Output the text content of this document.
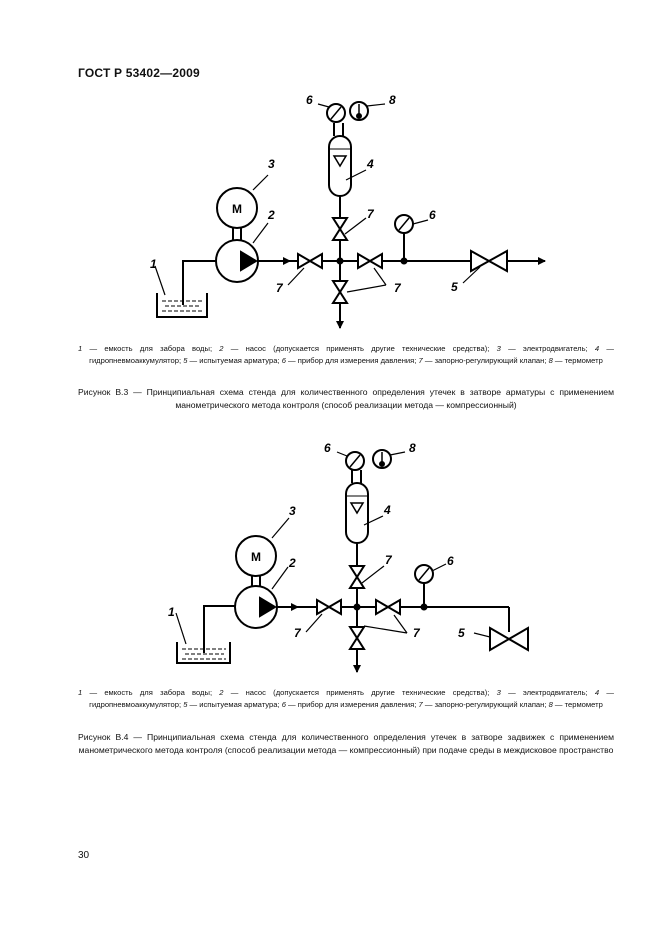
ГОСТ Р 53402—2009
М
1
2
3	4
5
6
6
7
7	7
8
1 — емкость для забора воды; 2 — насос (допускается применять другие технические средства); 3 — электродвигатель; 4 — гидропневмоаккумулятор; 5 — испытуемая арматура; 6 — прибор для измерения давления; 7 — запорно-регулирующий клапан; 8 — термометр
Рисунок В.3 — Принципиальная схема стенда для количественного определения утечек в затворе арматуры с применением манометрического метода контроля (способ реализации метода — компрессионный)
М
1
2
3	4
5
6
6
7
7	7
8
1 — емкость для забора воды; 2 — насос (допускается применять другие технические средства); 3 — электродвигатель; 4 — гидропневмоаккумулятор; 5 — испытуемая арматура; 6 — прибор для измерения давления; 7 — запорно-регулирующий клапан; 8 — термометр
Рисунок В.4 — Принципиальная схема стенда для количественного определения утечек в затворе задвижек с применением манометрического метода контроля (способ реализации метода — компрессионный) при подаче среды в междисковое пространство
30
